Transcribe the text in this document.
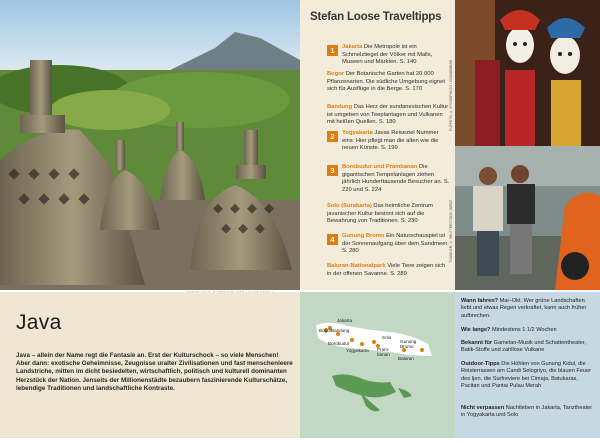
Stefan Loose Traveltipps
1	Jakarta Die Metropole ist ein Schmelztiegel der Völker mit Malls, Museen und Märkten. S. 140
Bogor Der Botanische Garten hat 20 000 Pflanzenarten. Die südliche Umgebung eignet sich für Ausflüge in die Berge. S. 170
Bandung Das Herz der sundanesischen Kultur ist umgeben von Teeplantagen und Vulkanen mit heißen Quellen. S. 180
2	Yogyakarta Javas Reiseziel Nummer eins: Hier pflegt man die alten wie die neuen Künste. S. 199
3	Borobudur und Prambanan Die gigantischen Tempelanlagen ziehen jährlich Hunderttausende Besucher an. S. 220 und S. 224
Solo (Surakarta) Das heimliche Zentrum javanischer Kultur besinnt sich auf die Bewahrung von Traditionen. S. 230
4	Gunung Bromo Ein Naturschauspiel ist der Sonnenaufgang über dem Sandmeer. S. 280
Baluran-Nationalpark Viele Tiere zeigen sich in der offenen Savanne. S. 289
PUPPETS: © ISTOCKPHOTO / VIGANDMBAR
TSANG ER: © SHUTTERSTOCK / ABRIZ
Java
Java – allein der Name regt die Fantasie an. Erst der Kulturschock – so viele Menschen! Aber dann: exotische Geheimnisse, Zeugnisse uralter Zivilisationen und fast menschenleere Landstriche, mitten im dicht besiedelten, wirtschaftlich, politisch und kulturell dominanten Herzstück der Nation. Jenseits der Millionenstädte bezaubern faszinierende Kulturschätze, lebendige Traditionen und landschaftliche Kontraste.
Jakarta
Bogor Bandung
Borobudur
Yogyakarta
Solo
Pram-banan
Gunung Bromo
Baluran
Wann fahren? Mai–Okt. Wer grüne Landschaften liebt und etwas Regen verkraftet, kann auch früher aufbrechen.
Wie lange? Mindestens 1 1/2 Wochen
Bekannt für Gamelan-Musik und Schattentheater, Batik-Stoffe und zahllose Vulkane
Outdoor-Tipps Die Höhlen von Gunung Kidul, die Reisterrassen am Candi Selogriyo, die blauen Feuer des Ijen, die Surfreviere bei Cimaja, Batukaras, Pacitan und Pantai Pulau Merah
Nicht verpassen Nachtleben in Jakarta, Tanztheater in Yogyakarta und Solo
